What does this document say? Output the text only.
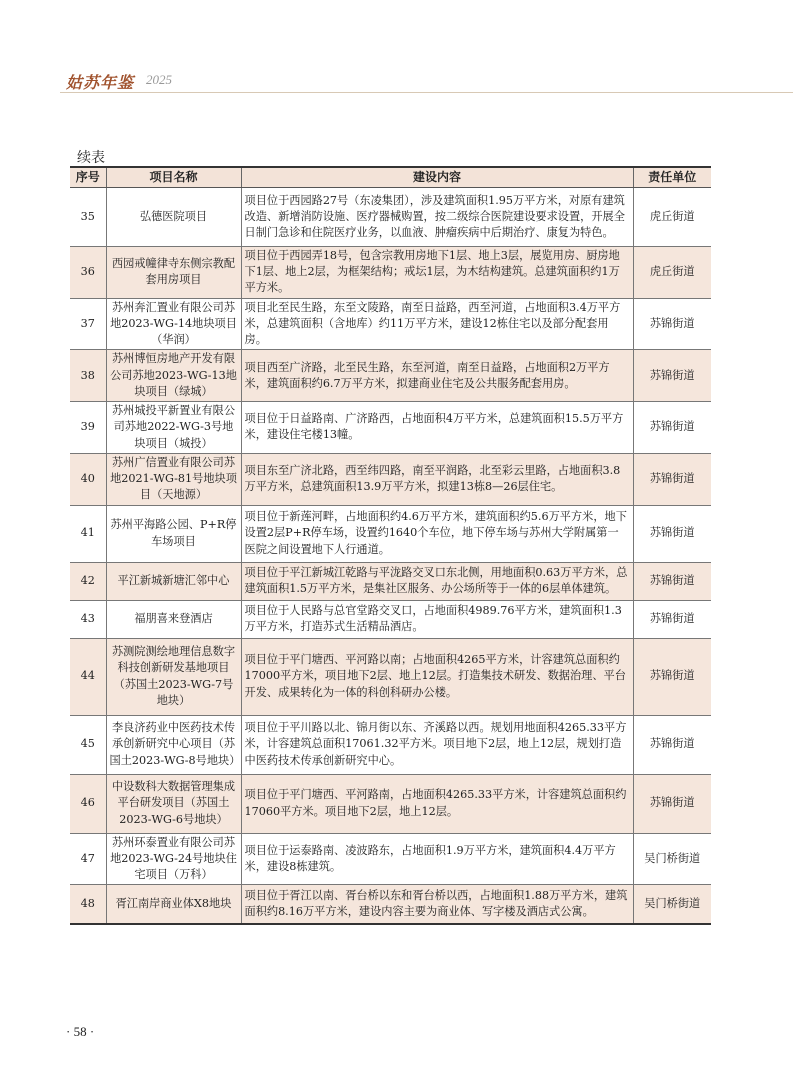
姑苏年鉴 2025
续表
序号	项目名称	建设内容	责任单位
35	弘德医院项目	项目位于西园路27号（东凌集团），涉及建筑面积1.95万平方米，对原有建筑改造、新增消防设施、医疗器械购置，按二级综合医院建设要求设置，开展全日制门急诊和住院医疗业务，以血液、肿瘤疾病中后期治疗、康复为特色。	虎丘街道
36	西园戒幢律寺东侧宗教配套用房项目	项目位于西园弄18号，包含宗教用房地下1层、地上3层，展览用房、厨房地下1层、地上2层，为框架结构；戒坛1层，为木结构建筑。总建筑面积约1万平方米。	虎丘街道
37	苏州奔汇置业有限公司苏地2023-WG-14地块项目（华润）	项目北至民生路，东至文陵路，南至日益路，西至河道，占地面积3.4万平方米，总建筑面积（含地库）约11万平方米，建设12栋住宅以及部分配套用房。	苏锦街道
38	苏州博恒房地产开发有限公司苏地2023-WG-13地块项目（绿城）	项目西至广济路，北至民生路，东至河道，南至日益路，占地面积2万平方米，建筑面积约6.7万平方米，拟建商业住宅及公共服务配套用房。	苏锦街道
39	苏州城投平新置业有限公司苏地2022-WG-3号地块项目（城投）	项目位于日益路南、广济路西，占地面积4万平方米，总建筑面积15.5万平方米，建设住宅楼13幢。	苏锦街道
40	苏州广信置业有限公司苏地2021-WG-81号地块项目（天地源）	项目东至广济北路，西至纬四路，南至平润路，北至彩云里路，占地面积3.8万平方米，总建筑面积13.9万平方米，拟建13栋8—26层住宅。	苏锦街道
41	苏州平海路公园、P+R停车场项目	项目位于新莲河畔，占地面积约4.6万平方米，建筑面积约5.6万平方米，地下设置2层P+R停车场，设置约1640个车位，地下停车场与苏州大学附属第一医院之间设置地下人行通道。	苏锦街道
42	平江新城新塘汇邻中心	项目位于平江新城江乾路与平泷路交叉口东北侧，用地面积0.63万平方米，总建筑面积1.5万平方米，是集社区服务、办公场所等于一体的6层单体建筑。	苏锦街道
43	福朋喜来登酒店	项目位于人民路与总官堂路交叉口，占地面积4989.76平方米，建筑面积1.3万平方米，打造苏式生活精品酒店。	苏锦街道
44	苏测院测绘地理信息数字科技创新研发基地项目（苏国土2023-WG-7号地块）	项目位于平门塘西、平河路以南；占地面积4265平方米，计容建筑总面积约17000平方米，项目地下2层、地上12层。打造集技术研发、数据治理、平台开发、成果转化为一体的科创科研办公楼。	苏锦街道
45	李良济药业中医药技术传承创新研究中心项目（苏国土2023-WG-8号地块）	项目位于平川路以北、锦月街以东、齐溪路以西。规划用地面积4265.33平方米，计容建筑总面积17061.32平方米。项目地下2层，地上12层，规划打造中医药技术传承创新研究中心。	苏锦街道
46	中设数科大数据管理集成平台研发项目（苏国土2023-WG-6号地块）	项目位于平门塘西、平河路南，占地面积4265.33平方米，计容建筑总面积约17060平方米。项目地下2层，地上12层。	苏锦街道
47	苏州环泰置业有限公司苏地2023-WG-24号地块住宅项目（万科）	项目位于运泰路南、凌波路东，占地面积1.9万平方米，建筑面积4.4万平方米，建设8栋建筑。	吴门桥街道
48	胥江南岸商业体X8地块	项目位于胥江以南、胥台桥以东和胥台桥以西，占地面积1.88万平方米，建筑面积约8.16万平方米，建设内容主要为商业体、写字楼及酒店式公寓。	吴门桥街道
· 58 ·
